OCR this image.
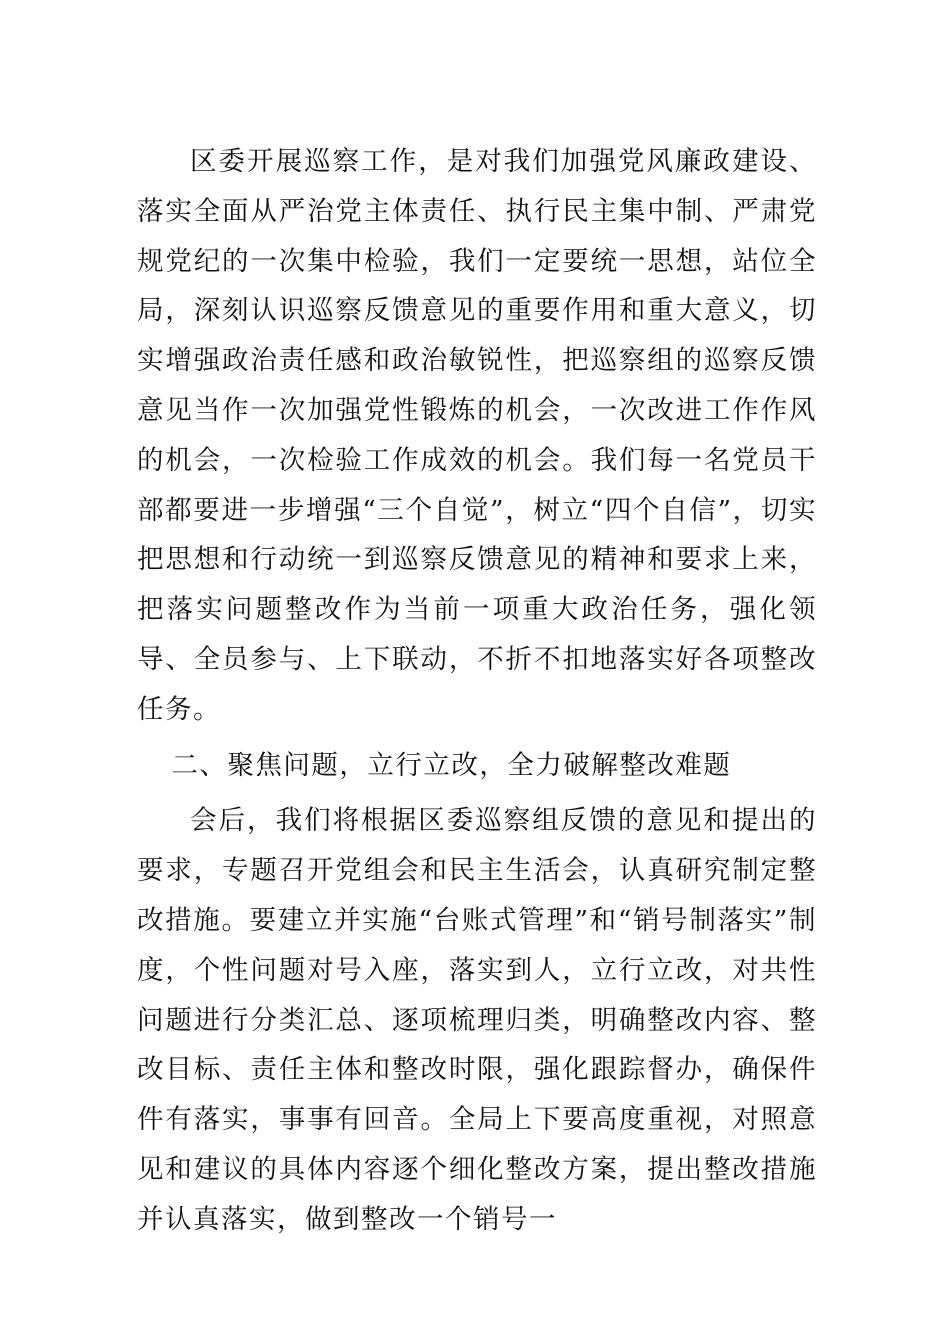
区委开展巡察工作，是对我们加强党风廉政建设、落实全面从严治党主体责任、执行民主集中制、严肃党规党纪的一次集中检验，我们一定要统一思想，站位全局，深刻认识巡察反馈意见的重要作用和重大意义，切实增强政治责任感和政治敏锐性，把巡察组的巡察反馈意见当作一次加强党性锻炼的机会，一次改进工作作风的机会，一次检验工作成效的机会。我们每一名党员干部都要进一步增强“三个自觉”，树立“四个自信”，切实把思想和行动统一到巡察反馈意见的精神和要求上来，把落实问题整改作为当前一项重大政治任务，强化领导、全员参与、上下联动，不折不扣地落实好各项整改任务。

二、聚焦问题，立行立改，全力破解整改难题

会后，我们将根据区委巡察组反馈的意见和提出的要求，专题召开党组会和民主生活会，认真研究制定整改措施。要建立并实施“台账式管理”和“销号制落实”制度，个性问题对号入座，落实到人，立行立改，对共性问题进行分类汇总、逐项梳理归类，明确整改内容、整改目标、责任主体和整改时限，强化跟踪督办，确保件件有落实，事事有回音。全局上下要高度重视，对照意见和建议的具体内容逐个细化整改方案，提出整改措施并认真落实，做到整改一个销号一
